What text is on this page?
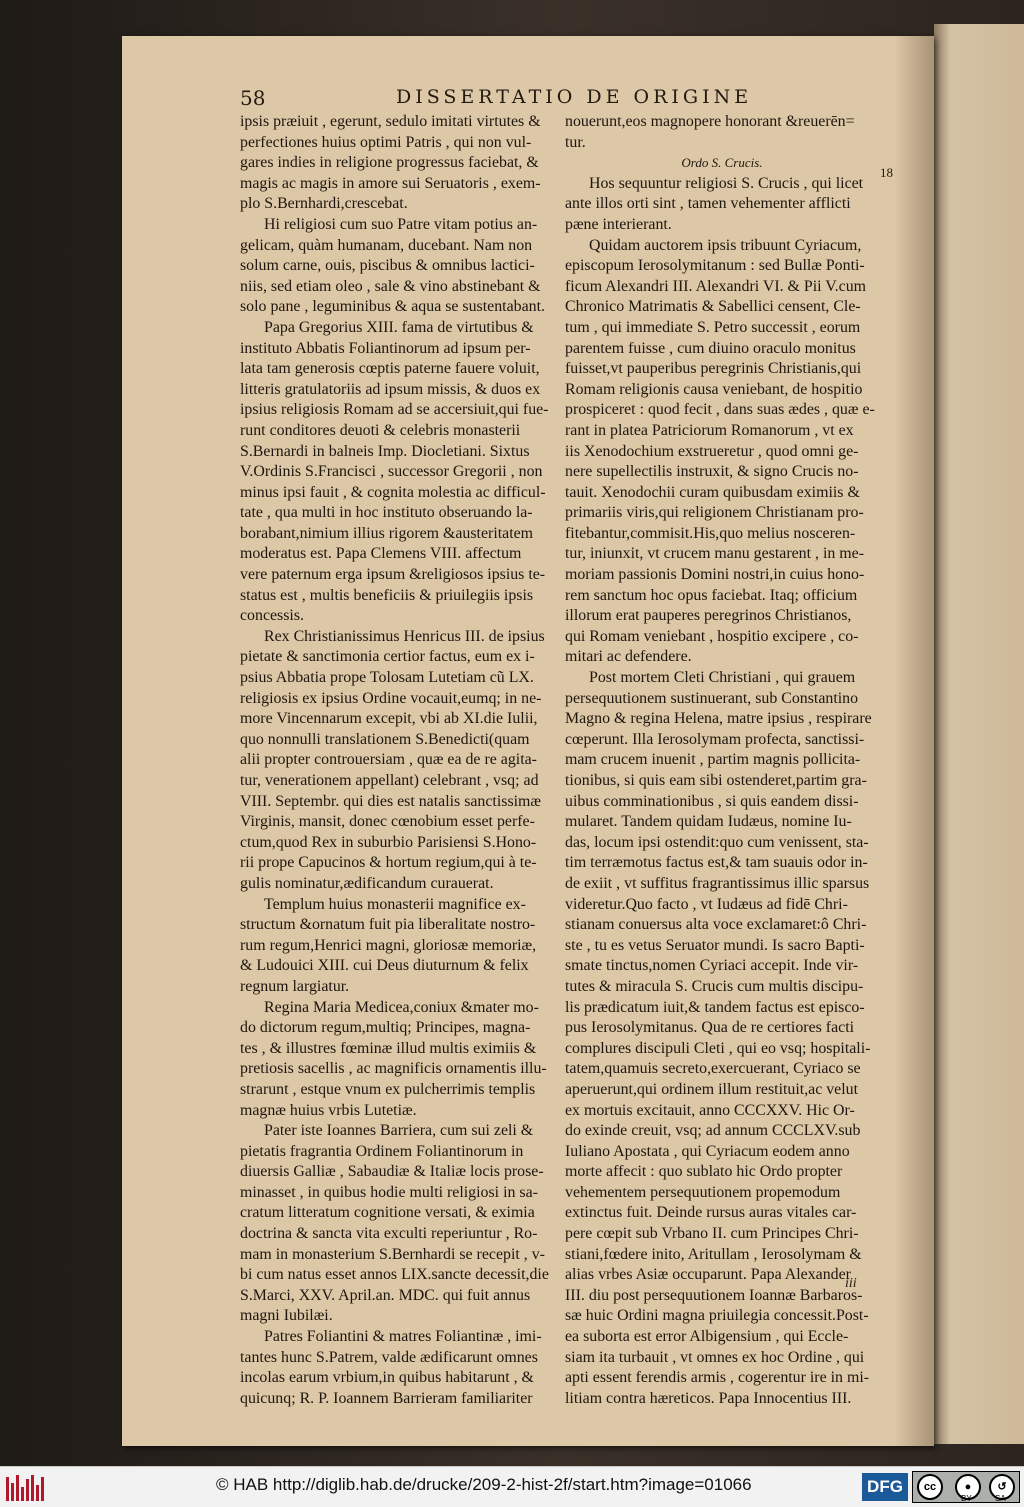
58	DISSERTATIO DE ORIGINE
ipsis præiuit , egerunt, sedulo imitati virtutes &
perfectiones huius optimi Patris , qui non vul-
gares indies in religione progressus faciebat, &
magis ac magis in amore sui Seruatoris , exem-
plo S.Bernhardi,crescebat.
Hi religiosi cum suo Patre vitam potius an-
gelicam, quàm humanam, ducebant. Nam non
solum carne, ouis, piscibus & omnibus lactici-
niis, sed etiam oleo , sale & vino abstinebant &
solo pane , leguminibus & aqua se sustentabant.
Papa Gregorius XIII. fama de virtutibus &
instituto Abbatis Foliantinorum ad ipsum per-
lata tam generosis cœptis paterne fauere voluit,
litteris gratulatoriis ad ipsum missis, & duos ex
ipsius religiosis Romam ad se accersiuit,qui fue-
runt conditores deuoti & celebris monasterii
S.Bernardi in balneis Imp. Diocletiani. Sixtus
V.Ordinis S.Francisci , successor Gregorii , non
minus ipsi fauit , & cognita molestia ac difficul-
tate , qua multi in hoc instituto obseruando la-
borabant,nimium illius rigorem &austeritatem
moderatus est. Papa Clemens VIII. affectum
vere paternum erga ipsum &religiosos ipsius te-
status est , multis beneficiis & priuilegiis ipsis
concessis.
Rex Christianissimus Henricus III. de ipsius
pietate & sanctimonia certior factus, eum ex i-
psius Abbatia prope Tolosam Lutetiam cũ LX.
religiosis ex ipsius Ordine vocauit,eumq; in ne-
more Vincennarum excepit, vbi ab XI.die Iulii,
quo nonnulli translationem S.Benedicti(quam
alii propter controuersiam , quæ ea de re agita-
tur, venerationem appellant) celebrant , vsq; ad
VIII. Septembr. qui dies est natalis sanctissimæ
Virginis, mansit, donec cœnobium esset perfe-
ctum,quod Rex in suburbio Parisiensi S.Hono-
rii prope Capucinos & hortum regium,qui à te-
gulis nominatur,ædificandum curauerat.
Templum huius monasterii magnifice ex-
structum &ornatum fuit pia liberalitate nostro-
rum regum,Henrici magni, gloriosæ memoriæ,
& Ludouici XIII. cui Deus diuturnum & felix
regnum largiatur.
Regina Maria Medicea,coniux &mater mo-
do dictorum regum,multiq; Principes, magna-
tes , & illustres fœminæ illud multis eximiis &
pretiosis sacellis , ac magnificis ornamentis illu-
strarunt , estque vnum ex pulcherrimis templis
magnæ huius vrbis Lutetiæ.
Pater iste Ioannes Barriera, cum sui zeli &
pietatis fragrantia Ordinem Foliantinorum in
diuersis Galliæ , Sabaudiæ & Italiæ locis prose-
minasset , in quibus hodie multi religiosi in sa-
cratum litteratum cognitione versati, & eximia
doctrina & sancta vita exculti reperiuntur , Ro-
mam in monasterium S.Bernhardi se recepit , v-
bi cum natus esset annos LIX.sancte decessit,die
S.Marci, XXV. April.an. MDC. qui fuit annus
magni Iubilæi.
Patres Foliantini & matres Foliantinæ , imi-
tantes hunc S.Patrem, valde ædificarunt omnes
incolas earum vrbium,in quibus habitarunt , &
quicunq; R. P. Ioannem Barrieram familiariter
nouerunt,eos magnopere honorant &reuerēn=
tur.
Ordo S. Crucis.
Hos sequuntur religiosi S. Crucis , qui licet
ante illos orti sint , tamen vehementer afflicti
pæne interierant.
Quidam auctorem ipsis tribuunt Cyriacum,
episcopum Ierosolymitanum : sed Bullæ Ponti-
ficum Alexandri III. Alexandri VI. & Pii V.cum
Chronico Matrimatis & Sabellici censent, Cle-
tum , qui immediate S. Petro successit , eorum
parentem fuisse , cum diuino oraculo monitus
fuisset,vt pauperibus peregrinis Christianis,qui
Romam religionis causa veniebant, de hospitio
prospiceret : quod fecit , dans suas ædes , quæ e-
rant in platea Patriciorum Romanorum , vt ex
iis Xenodochium exstrueretur , quod omni ge-
nere supellectilis instruxit, & signo Crucis no-
tauit. Xenodochii curam quibusdam eximiis &
primariis viris,qui religionem Christianam pro-
fitebantur,commisit.His,quo melius nosceren-
tur, iniunxit, vt crucem manu gestarent , in me-
moriam passionis Domini nostri,in cuius hono-
rem sanctum hoc opus faciebat. Itaq; officium
illorum erat pauperes peregrinos Christianos,
qui Romam veniebant , hospitio excipere , co-
mitari ac defendere.
Post mortem Cleti Christiani , qui grauem
persequutionem sustinuerant, sub Constantino
Magno & regina Helena, matre ipsius , respirare
cœperunt. Illa Ierosolymam profecta, sanctissi-
mam crucem inuenit , partim magnis pollicita-
tionibus, si quis eam sibi ostenderet,partim gra-
uibus comminationibus , si quis eandem dissi-
mularet. Tandem quidam Iudæus, nomine Iu-
das, locum ipsi ostendit:quo cum venissent, sta-
tim terræmotus factus est,& tam suauis odor in-
de exiit , vt suffitus fragrantissimus illic sparsus
videretur.Quo facto , vt Iudæus ad fidē Chri-
stianam conuersus alta voce exclamaret:ô Chri-
ste , tu es vetus Seruator mundi. Is sacro Bapti-
smate tinctus,nomen Cyriaci accepit. Inde vir-
tutes & miracula S. Crucis cum multis discipu-
lis prædicatum iuit,& tandem factus est episco-
pus Ierosolymitanus. Qua de re certiores facti
complures discipuli Cleti , qui eo vsq; hospitali-
tatem,quamuis secreto,exercuerant, Cyriaco se
aperuerunt,qui ordinem illum restituit,ac velut
ex mortuis excitauit, anno CCCXXV. Hic Or-
do exinde creuit, vsq; ad annum CCCLXV.sub
Iuliano Apostata , qui Cyriacum eodem anno
morte affecit : quo sublato hic Ordo propter
vehementem persequutionem propemodum
extinctus fuit. Deinde rursus auras vitales car-
pere cœpit sub Vrbano II. cum Principes Chri-
stiani,fœdere inito, Aritullam , Ierosolymam &
alias vrbes Asiæ occuparunt. Papa Alexander
III. diu post persequutionem Ioannæ Barbaros-
sæ huic Ordini magna priuilegia concessit.Post-
ea suborta est error Albigensium , qui Eccle-
siam ita turbauit , vt omnes ex hoc Ordine , qui
apti essent ferendis armis , cogerentur ire in mi-
litiam contra hæreticos. Papa Innocentius III.
18
iii
© HAB http://diglib.hab.de/drucke/209-2-hist-2f/start.htm?image=01066	DFG	cc	●	↺
BY	SA
